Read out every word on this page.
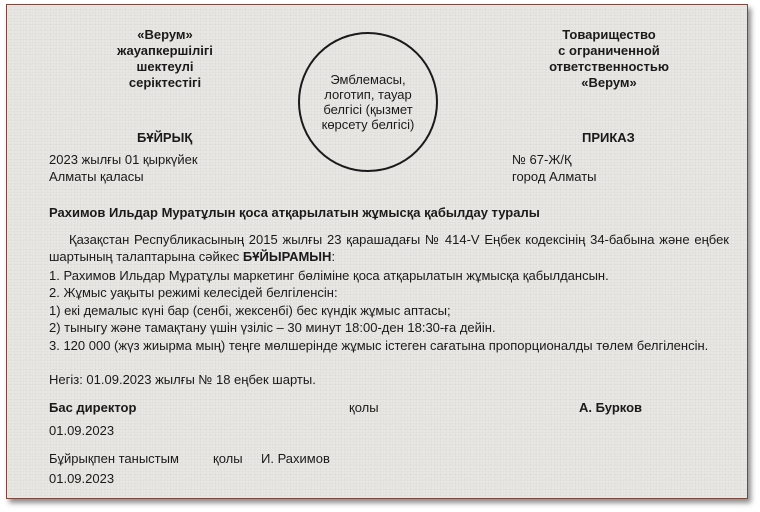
«Верум»
жауапкершілігі
шектеулі
серіктестігі	Эмблемасы, логотип, тауар белгісі (қызмет көрсету белгісі)
Товарищество
с ограниченной
ответственностью
«Верум»
БҰЙРЫҚ	ПРИКАЗ
2023 жылғы 01 қыркүйек
Алматы қаласы
№ 67-Ж/Қ
город Алматы
Рахимов Ильдар Муратұлын қоса атқарылатын жұмысқа қабылдау туралы
Қазақстан Республикасының 2015 жылғы 23 қарашадағы № 414-V Еңбек кодексінің 34-бабына және еңбек шартының талаптарына сәйкес БҰЙЫРАМЫН:
1. Рахимов Ильдар Мұратұлы маркетинг бөліміне қоса атқарылатын жұмысқа қабылдансын.
2. Жұмыс уақыты режимі келесідей белгіленсін:
1) екі демалыс күні бар (сенбі, жексенбі) бес күндік жұмыс аптасы;
2) тыныгу және тамақтану үшін үзіліс – 30 минут 18:00-ден 18:30-ға дейін.
3. 120 000 (жүз жиырма мың) теңге мөлшерінде жұмыс істеген сағатына пропорционалды төлем белгіленсін.
Негіз: 01.09.2023 жылғы № 18 еңбек шарты.
Бас директор	қолы	А. Бурков
01.09.2023
Бұйрықпен таныстым	қолы И. Рахимов
01.09.2023
